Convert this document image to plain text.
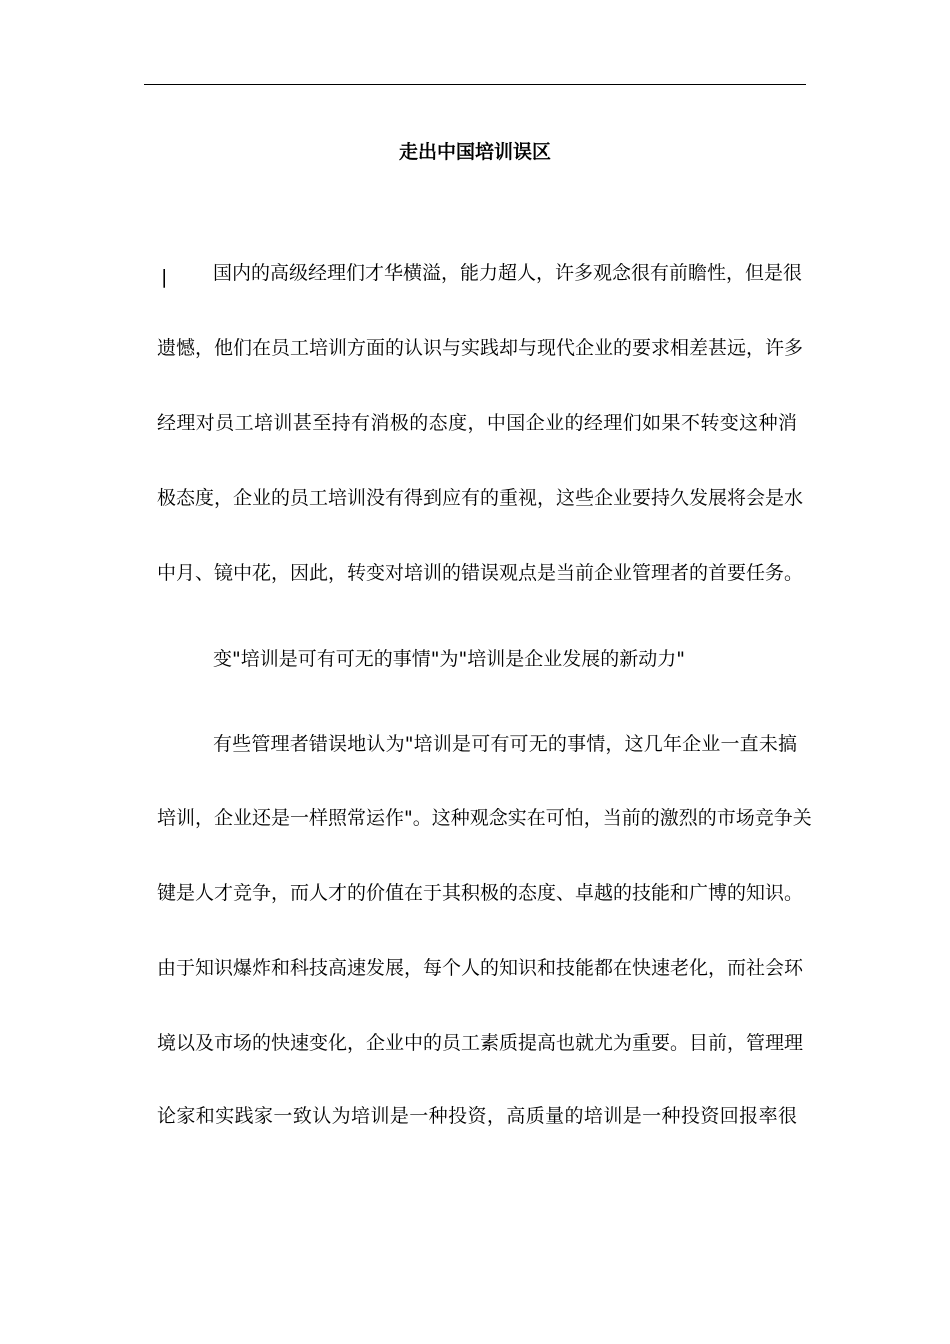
走出中国培训误区
| 国内的高级经理们才华横溢，能力超人，许多观念很有前瞻性，但是很
遗憾，他们在员工培训方面的认识与实践却与现代企业的要求相差甚远，许多
经理对员工培训甚至持有消极的态度，中国企业的经理们如果不转变这种消
极态度，企业的员工培训没有得到应有的重视，这些企业要持久发展将会是水
中月、镜中花，因此，转变对培训的错误观点是当前企业管理者的首要任务。
变"培训是可有可无的事情"为"培训是企业发展的新动力"
有些管理者错误地认为"培训是可有可无的事情，这几年企业一直未搞
培训，企业还是一样照常运作"。这种观念实在可怕，当前的激烈的市场竞争关
键是人才竞争，而人才的价值在于其积极的态度、卓越的技能和广博的知识。
由于知识爆炸和科技高速发展，每个人的知识和技能都在快速老化，而社会环
境以及市场的快速变化，企业中的员工素质提高也就尤为重要。目前，管理理
论家和实践家一致认为培训是一种投资，高质量的培训是一种投资回报率很
